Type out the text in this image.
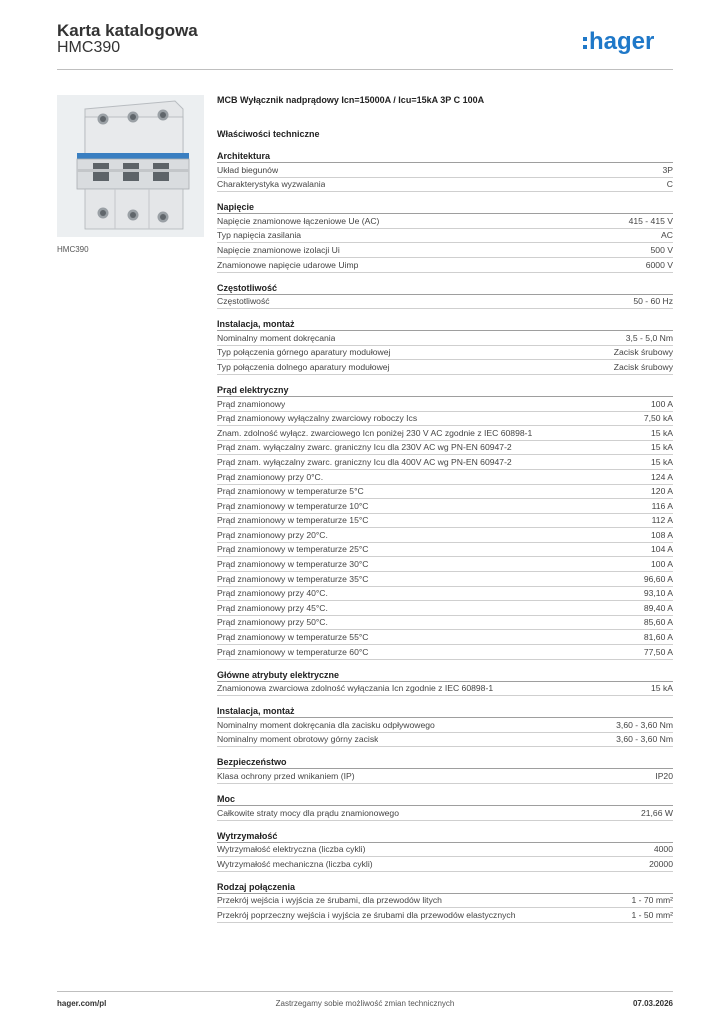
Karta katalogowa
HMC390	hager
HMC390
MCB Wyłącznik nadprądowy Icn=15000A / Icu=15kA 3P C 100A
Właściwości techniczne
Architektura
Układ biegunów	3P
Charakterystyka wyzwalania	C
Napięcie
Napięcie znamionowe łączeniowe Ue (AC)	415 - 415 V
Typ napięcia zasilania	AC
Napięcie znamionowe izolacji Ui	500 V
Znamionowe napięcie udarowe Uimp	6000 V
Częstotliwość
Częstotliwość	50 - 60 Hz
Instalacja, montaż
Nominalny moment dokręcania	3,5 - 5,0 Nm
Typ połączenia górnego aparatury modułowej	Zacisk śrubowy
Typ połączenia dolnego aparatury modułowej	Zacisk śrubowy
Prąd elektryczny
Prąd znamionowy	100 A
Prąd znamionowy wyłączalny zwarciowy roboczy Ics	7,50 kA
Znam. zdolność wyłącz. zwarciowego Icn poniżej 230 V AC zgodnie z IEC 60898-1	15 kA
Prąd znam. wyłączalny zwarc. graniczny Icu dla 230V AC wg PN-EN 60947-2	15 kA
Prąd znam. wyłączalny zwarc. graniczny Icu dla 400V AC wg PN-EN 60947-2	15 kA
Prąd znamionowy przy 0°C.	124 A
Prąd znamionowy w temperaturze 5°C	120 A
Prąd znamionowy w temperaturze 10°C	116 A
Prąd znamionowy w temperaturze 15°C	112 A
Prąd znamionowy przy 20°C.	108 A
Prąd znamionowy w temperaturze 25°C	104 A
Prąd znamionowy w temperaturze 30°C	100 A
Prąd znamionowy w temperaturze 35°C	96,60 A
Prąd znamionowy przy 40°C.	93,10 A
Prąd znamionowy przy 45°C.	89,40 A
Prąd znamionowy przy 50°C.	85,60 A
Prąd znamionowy w temperaturze 55°C	81,60 A
Prąd znamionowy w temperaturze 60°C	77,50 A
Główne atrybuty elektryczne
Znamionowa zwarciowa zdolność wyłączania Icn zgodnie z IEC 60898-1	15 kA
Instalacja, montaż
Nominalny moment dokręcania dla zacisku odpływowego	3,60 - 3,60 Nm
Nominalny moment obrotowy górny zacisk	3,60 - 3,60 Nm
Bezpieczeństwo
Klasa ochrony przed wnikaniem (IP)	IP20
Moc
Całkowite straty mocy dla prądu znamionowego	21,66 W
Wytrzymałość
Wytrzymałość elektryczna (liczba cykli)	4000
Wytrzymałość mechaniczna (liczba cykli)	20000
Rodzaj połączenia
Przekrój wejścia i wyjścia ze śrubami, dla przewodów litych	1 - 70 mm²
Przekrój poprzeczny wejścia i wyjścia ze śrubami dla przewodów elastycznych	1 - 50 mm²
hager.com/pl	Zastrzegamy sobie możliwość zmian technicznych	07.03.2026
